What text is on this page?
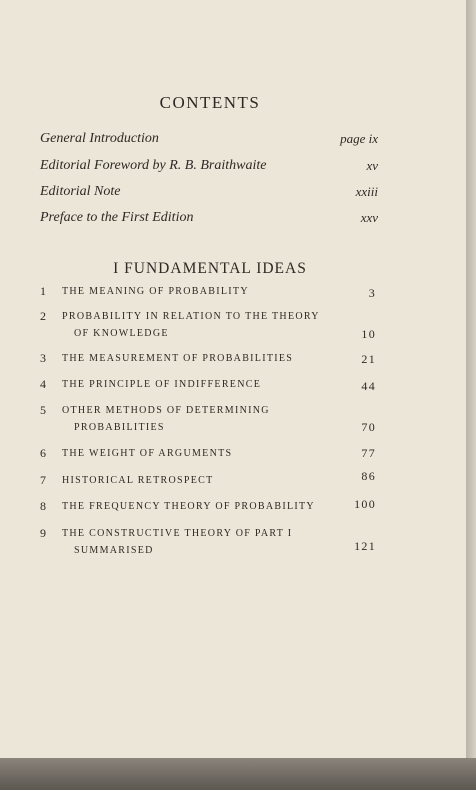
CONTENTS
General Introduction	page ix
Editorial Foreword by R. B. Braithwaite	xv
Editorial Note	xxiii
Preface to the First Edition	xxv
I FUNDAMENTAL IDEAS
1 THE MEANING OF PROBABILITY	3
2 PROBABILITY IN RELATION TO THE THEORY
OF KNOWLEDGE	10
3 THE MEASUREMENT OF PROBABILITIES	21
4 THE PRINCIPLE OF INDIFFERENCE	44
5 OTHER METHODS OF DETERMINING
PROBABILITIES	70
6 THE WEIGHT OF ARGUMENTS	77
7 HISTORICAL RETROSPECT	86
8 THE FREQUENCY THEORY OF PROBABILITY	100
9 THE CONSTRUCTIVE THEORY OF PART I
SUMMARISED	121
